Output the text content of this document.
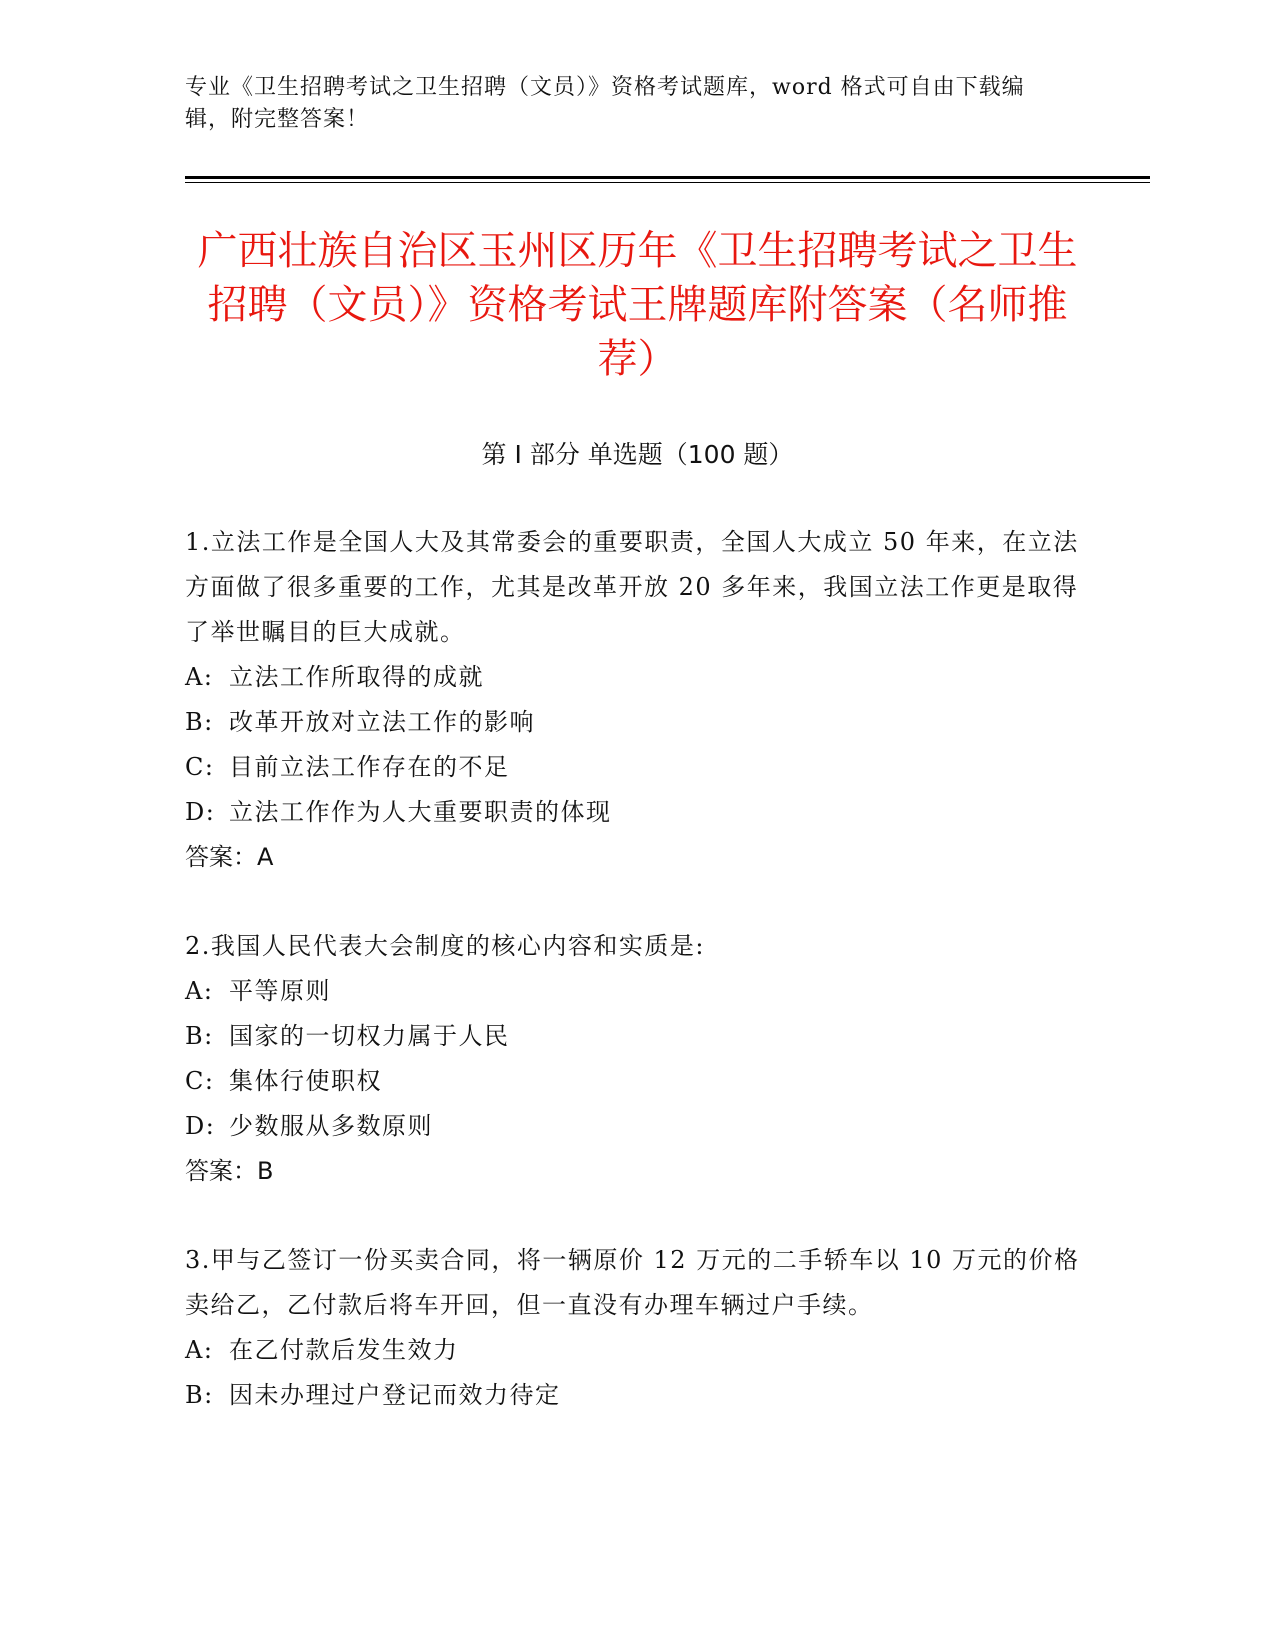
专业《卫生招聘考试之卫生招聘（文员）》资格考试题库，word 格式可自由下载编辑，附完整答案！
广西壮族自治区玉州区历年《卫生招聘考试之卫生招聘（文员）》资格考试王牌题库附答案（名师推荐）
第 I 部分 单选题（100 题）

1.立法工作是全国人大及其常委会的重要职责，全国人大成立 50 年来，在立法方面做了很多重要的工作，尤其是改革开放 20 多年来，我国立法工作更是取得了举世瞩目的巨大成就。

A: 立法工作所取得的成就

B: 改革开放对立法工作的影响

C: 目前立法工作存在的不足

D: 立法工作作为人大重要职责的体现

答案：A

2.我国人民代表大会制度的核心内容和实质是:

A: 平等原则

B: 国家的一切权力属于人民

C: 集体行使职权

D: 少数服从多数原则

答案：B

3.甲与乙签订一份买卖合同，将一辆原价 12 万元的二手轿车以 10 万元的价格卖给乙，乙付款后将车开回，但一直没有办理车辆过户手续。

A: 在乙付款后发生效力

B: 因未办理过户登记而效力待定
